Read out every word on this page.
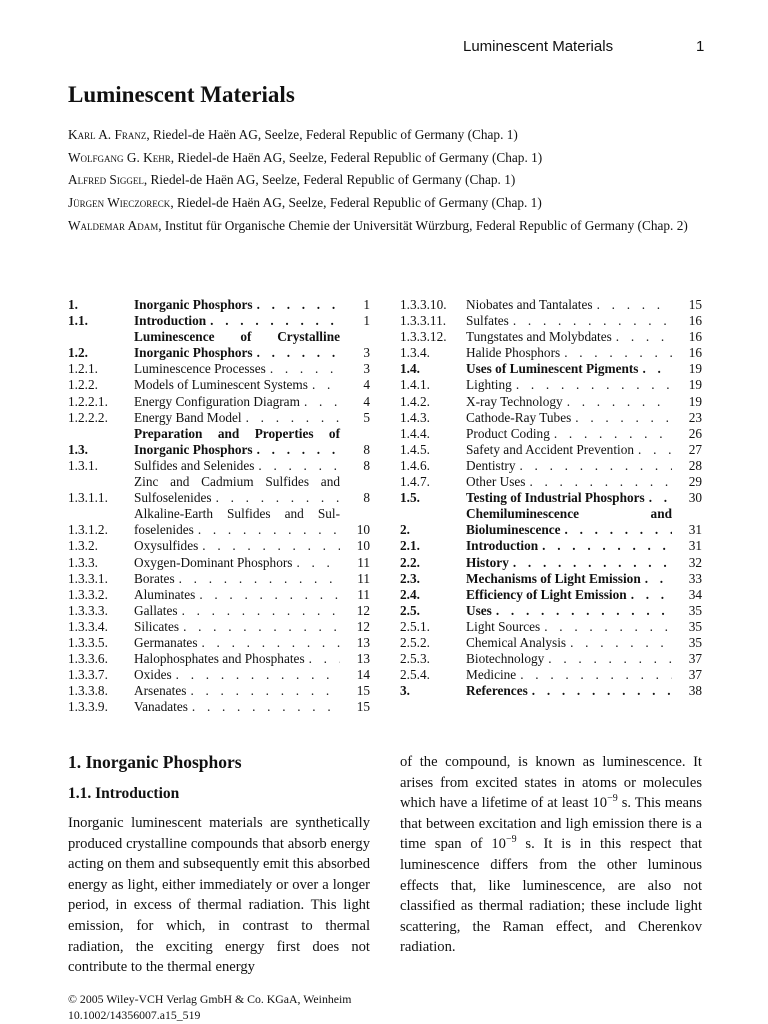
Luminescent Materials	1
Luminescent Materials

Karl A. Franz, Riedel-de Haën AG, Seelze, Federal Republic of Germany (Chap. 1)

Wolfgang G. Kehr, Riedel-de Haën AG, Seelze, Federal Republic of Germany (Chap. 1)

Alfred Siggel, Riedel-de Haën AG, Seelze, Federal Republic of Germany (Chap. 1)

Jürgen Wieczoreck, Riedel-de Haën AG, Seelze, Federal Republic of Germany (Chap. 1)

Waldemar Adam, Institut für Organische Chemie der Universität Würzburg, Federal Republic of Germany (Chap. 2)

1.	Inorganic Phosphors . . .	1
1.1.	Introduction . . .	1
1.2.
Luminescence of Crystalline
Inorganic Phosphors . . .	3
1.2.1.	Luminescence Processes . . .	3
1.2.2.	Models of Luminescent Systems . . .	4
1.2.2.1.	Energy Configuration Diagram . . .	4
1.2.2.2.	Energy Band Model . . .	5
1.3.
Preparation and Properties of
Inorganic Phosphors . . .	8
1.3.1.	Sulfides and Selenides . . .	8
1.3.1.1.
Zinc and Cadmium Sulfides and
Sulfoselenides . . .	8
1.3.1.2.
Alkaline-Earth Sulfides and Sul-
foselenides . . .	10
1.3.2.	Oxysulfides . . .	10
1.3.3.	Oxygen-Dominant Phosphors . . .	11
1.3.3.1.	Borates . . .	11
1.3.3.2.	Aluminates . . .	11
1.3.3.3.	Gallates . . .	12
1.3.3.4.	Silicates . . .	12
1.3.3.5.	Germanates . . .	13
1.3.3.6.	Halophosphates and Phosphates . . .	13
1.3.3.7.	Oxides . . .	14
1.3.3.8.	Arsenates . . .	15
1.3.3.9.	Vanadates . . .	15
1.3.3.10.	Niobates and Tantalates . . .	15
1.3.3.11.	Sulfates . . .	16
1.3.3.12.	Tungstates and Molybdates . . .	16
1.3.4.	Halide Phosphors . . .	16
1.4.	Uses of Luminescent Pigments . . .	19
1.4.1.	Lighting . . .	19
1.4.2.	X-ray Technology . . .	19
1.4.3.	Cathode-Ray Tubes . . .	23
1.4.4.	Product Coding . . .	26
1.4.5.	Safety and Accident Prevention . . .	27
1.4.6.	Dentistry . . .	28
1.4.7.	Other Uses . . .	29
1.5.	Testing of Industrial Phosphors . . .	30
2.
Chemiluminescence and
Bioluminescence . . .	31
2.1.	Introduction . . .	31
2.2.	History . . .	32
2.3.	Mechanisms of Light Emission . . .	33
2.4.	Efficiency of Light Emission . . .	34
2.5.	Uses . . .	35
2.5.1.	Light Sources . . .	35
2.5.2.	Chemical Analysis . . .	35
2.5.3.	Biotechnology . . .	37
2.5.4.	Medicine . . .	37
3.	References . . .	38
1. Inorganic Phosphors
1.1. Introduction

Inorganic luminescent materials are synthetically produced crystalline compounds that absorb energy acting on them and subsequently emit this absorbed energy as light, either immediately or over a longer period, in excess of thermal radiation. This light emission, for which, in contrast to thermal radiation, the exciting energy first does not contribute to the thermal energy

of the compound, is known as luminescence. It arises from excited states in atoms or molecules which have a lifetime of at least $10^{-9}$ s. This means that between excitation and ligh emission there is a time span of $10^{-9}$ s. It is in this respect that luminescence differs from the other luminous effects that, like luminescence, are also not classified as thermal radiation; these include light scattering, the Raman effect, and Cherenkov radiation.

© 2005 Wiley-VCH Verlag GmbH & Co. KGaA, Weinheim
10.1002/14356007.a15_519
